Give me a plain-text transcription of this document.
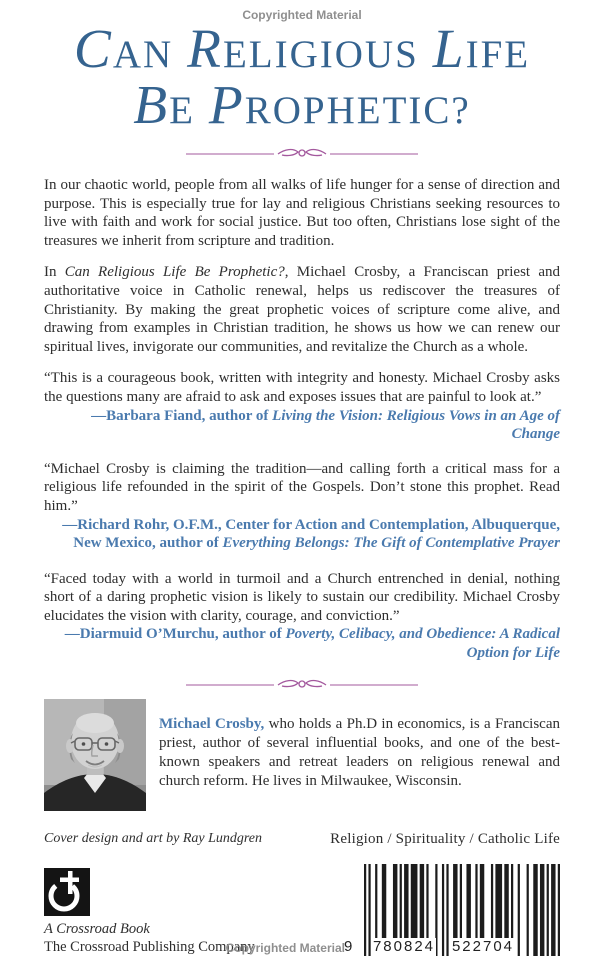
Copyrighted Material
CAN RELIGIOUS LIFE
BE PROPHETIC?

In our chaotic world, people from all walks of life hunger for a sense of direction and purpose. This is especially true for lay and religious Christians seeking resources to live with faith and work for social justice. But too often, Christians lose sight of the treasures we inherit from scripture and tradition.

In Can Religious Life Be Prophetic?, Michael Crosby, a Franciscan priest and authoritative voice in Catholic renewal, helps us rediscover the treasures of Christianity. By making the great prophetic voices of scripture come alive, and drawing from examples in Christian tradition, he shows us how we can renew our spiritual lives, invigorate our communities, and revitalize the Church as a whole.

“This is a courageous book, written with integrity and honesty. Michael Crosby asks the questions many are afraid to ask and exposes issues that are painful to look at.”

—Barbara Fiand, author of Living the Vision: Religious Vows in an Age of Change

“Michael Crosby is claiming the tradition—and calling forth a critical mass for a religious life refounded in the spirit of the Gospels. Don’t stone this prophet. Read him.”

—Richard Rohr, O.F.M., Center for Action and Contemplation, Albuquerque, New Mexico, author of Everything Belongs: The Gift of Contemplative Prayer

“Faced today with a world in turmoil and a Church entrenched in denial, nothing short of a daring prophetic vision is likely to sustain our credibility. Michael Crosby elucidates the vision with clarity, courage, and conviction.”

—Diarmuid O’Murchu, author of Poverty, Celibacy, and Obedience: A Radical Option for Life

Michael Crosby, who holds a Ph.D in economics, is a Franciscan priest, author of several influential books, and one of the best-known speakers and retreat leaders on religious renewal and church reform. He lives in Milwaukee, Wisconsin.

Cover design and art by Ray Lundgren
A Crossroad Book
The Crossroad Publishing Company
Religion / Spirituality / Catholic Life
9 780824 522704
Copyrighted Material
